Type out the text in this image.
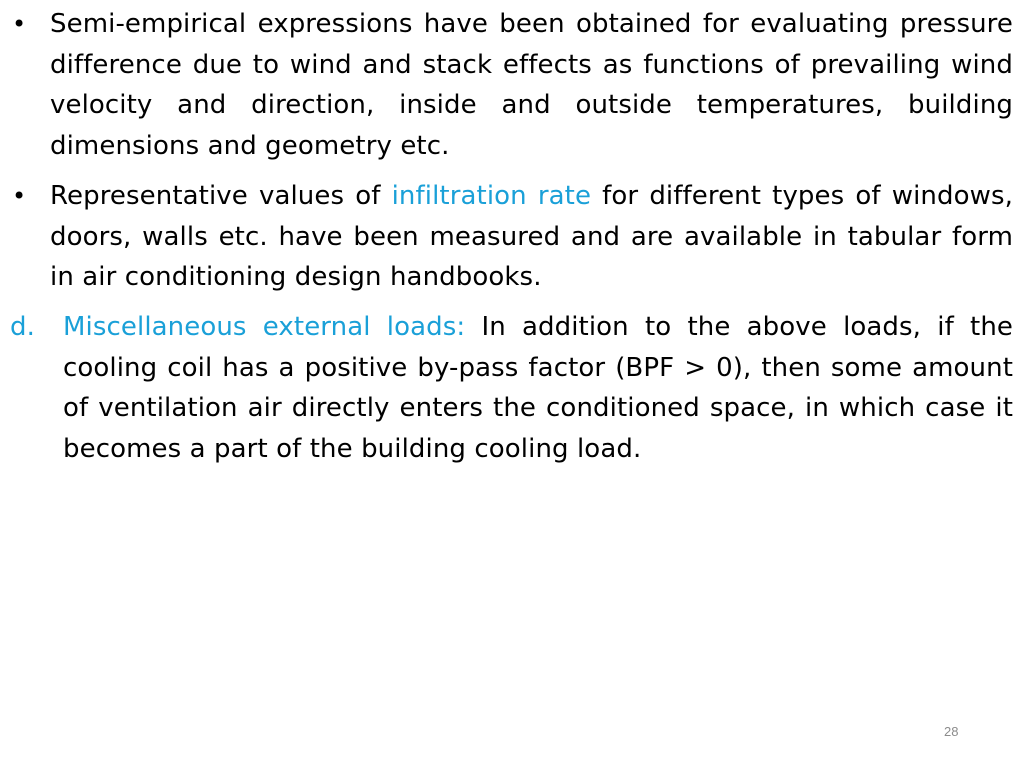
• Semi-empirical expressions have been obtained for evaluating pressure difference due to wind and stack effects as functions of prevailing wind velocity and direction, inside and outside temperatures, building dimensions and geometry etc.
• Representative values of infiltration rate for different types of windows, doors, walls etc. have been measured and are available in tabular form in air conditioning design handbooks.
d. Miscellaneous external loads: In addition to the above loads, if the cooling coil has a positive by-pass factor (BPF > 0), then some amount of ventilation air directly enters the conditioned space, in which case it becomes a part of the building cooling load.
28
